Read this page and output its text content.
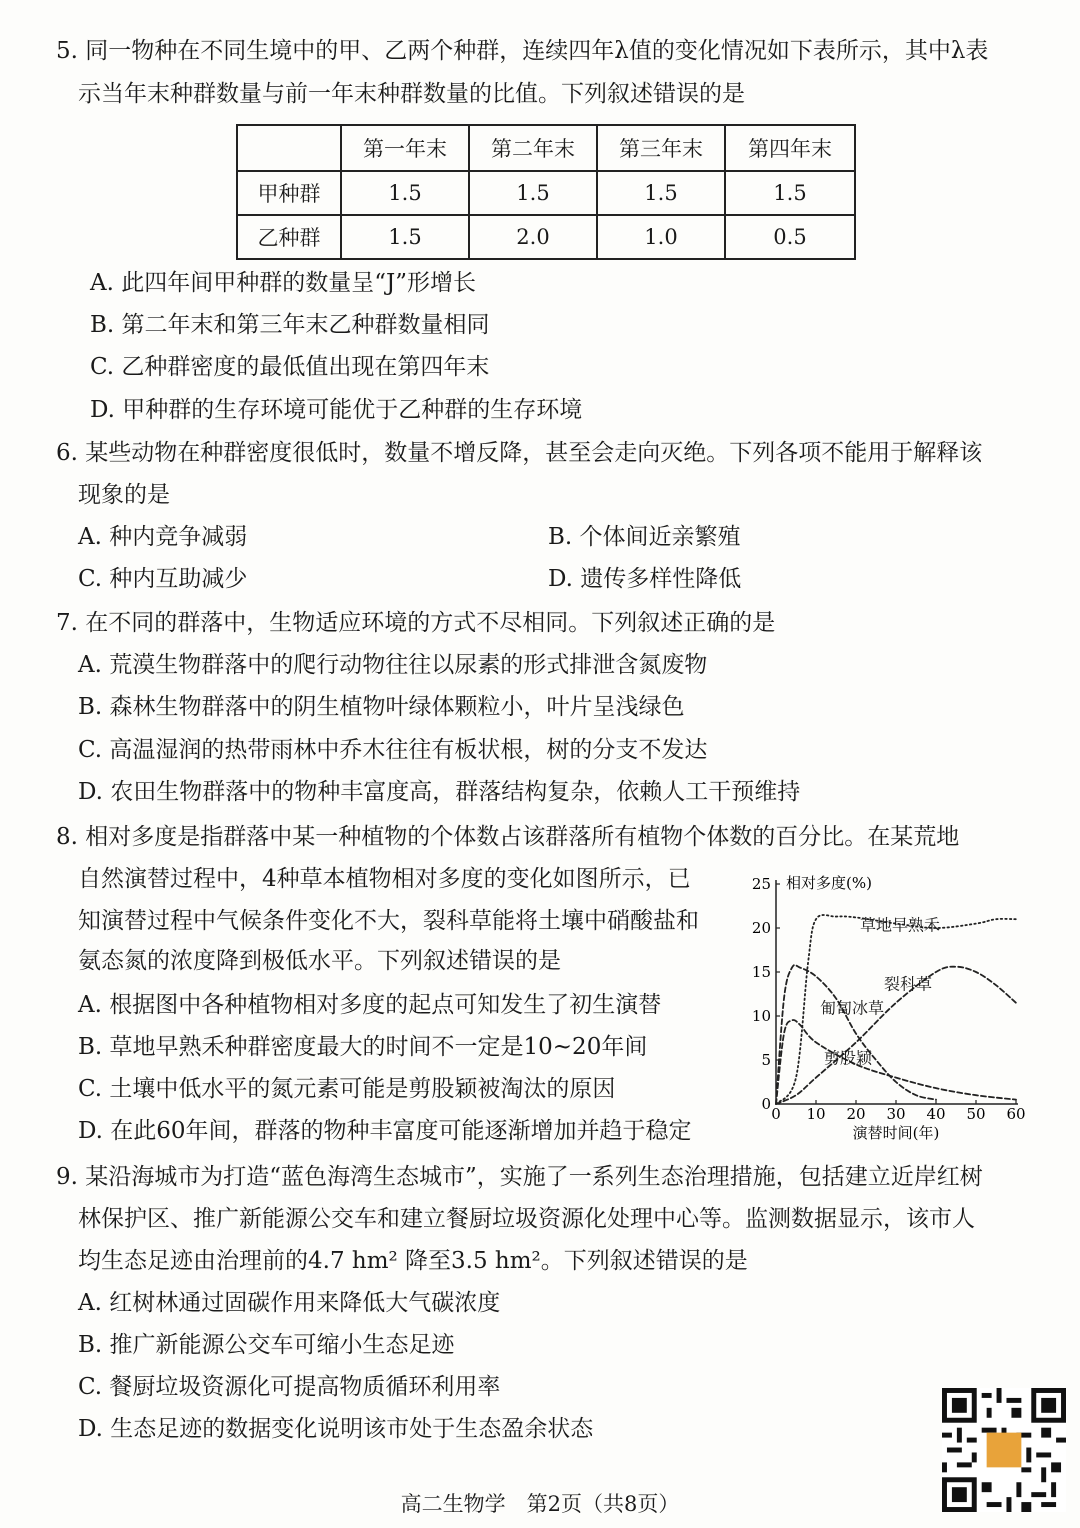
5. 同一物种在不同生境中的甲、乙两个种群，连续四年λ值的变化情况如下表所示，其中λ表
示当年末种群数量与前一年末种群数量的比值。下列叙述错误的是
	第一年末	第二年末	第三年末	第四年末
甲种群	1.5	1.5	1.5	1.5
乙种群	1.5	2.0	1.0	0.5
A. 此四年间甲种群的数量呈“J”形增长
B. 第二年末和第三年末乙种群数量相同
C. 乙种群密度的最低值出现在第四年末
D. 甲种群的生存环境可能优于乙种群的生存环境
6. 某些动物在种群密度很低时，数量不增反降，甚至会走向灭绝。下列各项不能用于解释该
现象的是
A. 种内竞争减弱	B. 个体间近亲繁殖
C. 种内互助减少	D. 遗传多样性降低
7. 在不同的群落中，生物适应环境的方式不尽相同。下列叙述正确的是
A. 荒漠生物群落中的爬行动物往往以尿素的形式排泄含氮废物
B. 森林生物群落中的阴生植物叶绿体颗粒小，叶片呈浅绿色
C. 高温湿润的热带雨林中乔木往往有板状根，树的分支不发达
D. 农田生物群落中的物种丰富度高，群落结构复杂，依赖人工干预维持
8. 相对多度是指群落中某一种植物的个体数占该群落所有植物个体数的百分比。在某荒地
自然演替过程中，4种草本植物相对多度的变化如图所示，已
知演替过程中气候条件变化不大，裂科草能将土壤中硝酸盐和
氨态氮的浓度降到极低水平。下列叙述错误的是
A. 根据图中各种植物相对多度的起点可知发生了初生演替
B. 草地早熟禾种群密度最大的时间不一定是10~20年间
C. 土壤中低水平的氮元素可能是剪股颖被淘汰的原因
D. 在此60年间，群落的物种丰富度可能逐渐增加并趋于稳定
0
5
10
15
20
25
0 10 20 30 40 50 60
草地早熟禾
裂科草
匍匐冰草
剪股颖
相对多度(%)
演替时间(年)
9. 某沿海城市为打造“蓝色海湾生态城市”，实施了一系列生态治理措施，包括建立近岸红树
林保护区、推广新能源公交车和建立餐厨垃圾资源化处理中心等。监测数据显示，该市人
均生态足迹由治理前的4.7 hm² 降至3.5 hm²。下列叙述错误的是
A. 红树林通过固碳作用来降低大气碳浓度
B. 推广新能源公交车可缩小生态足迹
C. 餐厨垃圾资源化可提高物质循环利用率
D. 生态足迹的数据变化说明该市处于生态盈余状态
高二生物学　第2页（共8页）
